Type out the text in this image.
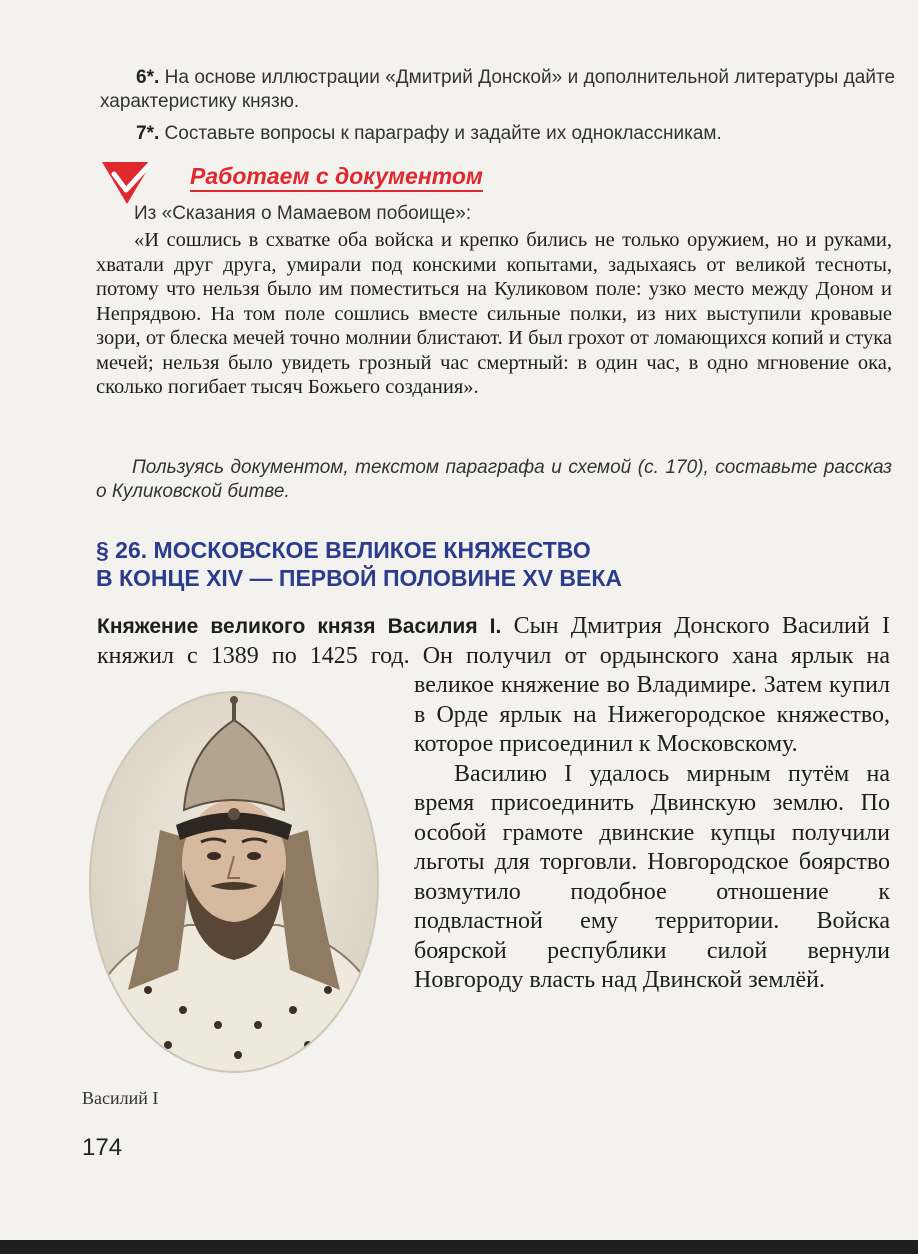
6*. На основе иллюстрации «Дмитрий Донской» и дополнительной литературы дайте характеристику князю.
7*. Составьте вопросы к параграфу и задайте их одноклассникам.
Работаем с документом
Из «Сказания о Мамаевом побоище»:
«И сошлись в схватке оба войска и крепко бились не только оружием, но и руками, хватали друг друга, умирали под конскими копытами, задыхаясь от великой тесноты, потому что нельзя было им поместиться на Куликовом поле: узко место между Доном и Непрядвою. На том поле сошлись вместе сильные полки, из них выступили кровавые зори, от блеска мечей точно молнии блистают. И был грохот от ломающихся копий и стука мечей; нельзя было увидеть грозный час смертный: в один час, в одно мгновение ока, сколько погибает тысяч Божьего создания».
Пользуясь документом, текстом параграфа и схемой (с. 170), составьте рассказ о Куликовской битве.
§ 26. МОСКОВСКОЕ ВЕЛИКОЕ КНЯЖЕСТВО
В КОНЦЕ XIV — ПЕРВОЙ ПОЛОВИНЕ XV ВЕКА

Княжение великого князя Василия I. Сын Дмитрия Донского Василий I княжил с 1389 по 1425 год. Он получил от ордынского хана ярлык на великое княжение во Владимире. Затем купил в Орде ярлык на Нижегородское княжество, которое присоединил к Московскому.

Василию I удалось мирным путём на время присоединить Двинскую землю. По особой грамоте двинские купцы получили льготы для торговли. Новгородское боярство возмутило подобное отношение к подвластной ему территории. Войска боярской республики силой вернули Новгороду власть над Двинской землёй.

Василий I
174
